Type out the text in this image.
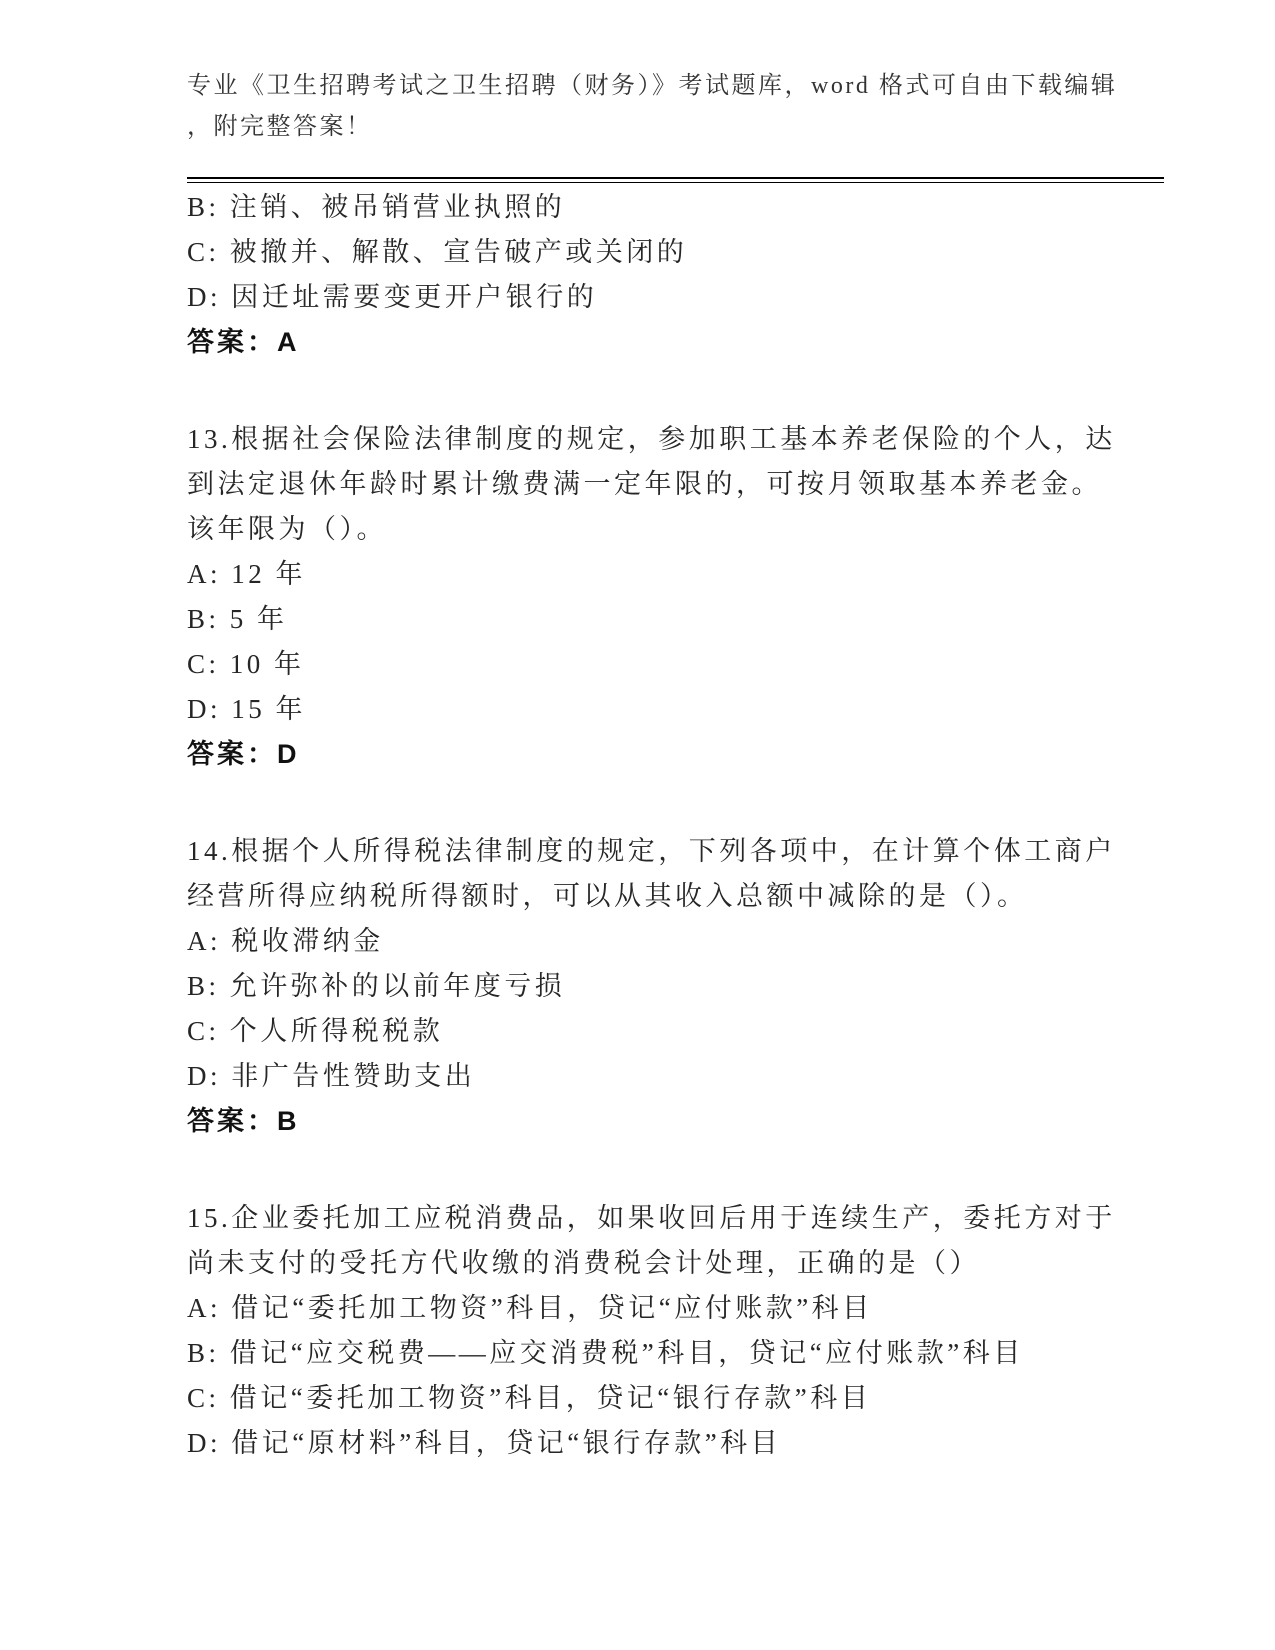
专业《卫生招聘考试之卫生招聘（财务）》考试题库，word 格式可自由下载编辑
，附完整答案！
B: 注销、被吊销营业执照的
C: 被撤并、解散、宣告破产或关闭的
D: 因迁址需要变更开户银行的
答案：A
13.根据社会保险法律制度的规定，参加职工基本养老保险的个人，达
到法定退休年龄时累计缴费满一定年限的，可按月领取基本养老金。
该年限为（）。
A: 12 年
B: 5 年
C: 10 年
D: 15 年
答案：D
14.根据个人所得税法律制度的规定，下列各项中，在计算个体工商户
经营所得应纳税所得额时，可以从其收入总额中减除的是（）。
A: 税收滞纳金
B: 允许弥补的以前年度亏损
C: 个人所得税税款
D: 非广告性赞助支出
答案：B
15.企业委托加工应税消费品，如果收回后用于连续生产，委托方对于
尚未支付的受托方代收缴的消费税会计处理，正确的是（）
A: 借记“委托加工物资”科目，贷记“应付账款”科目
B: 借记“应交税费——应交消费税”科目，贷记“应付账款”科目
C: 借记“委托加工物资”科目，贷记“银行存款”科目
D: 借记“原材料”科目，贷记“银行存款”科目
